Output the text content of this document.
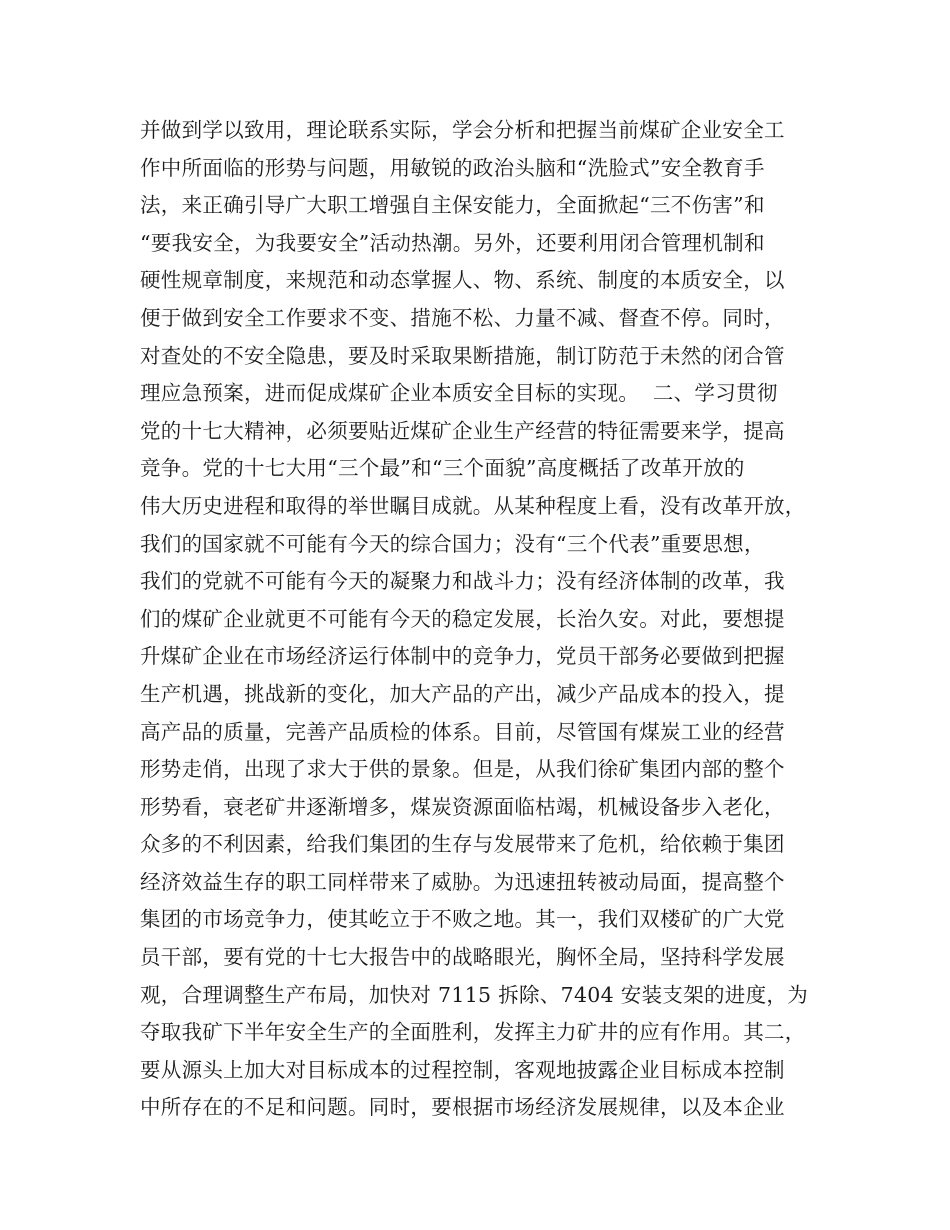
并做到学以致用，理论联系实际，学会分析和把握当前煤矿企业安全工
作中所面临的形势与问题，用敏锐的政治头脑和“洗脸式”安全教育手
法，来正确引导广大职工增强自主保安能力，全面掀起“三不伤害”和
“要我安全，为我要安全”活动热潮。另外，还要利用闭合管理机制和
硬性规章制度，来规范和动态掌握人、物、系统、制度的本质安全，以
便于做到安全工作要求不变、措施不松、力量不减、督查不停。同时，
对查处的不安全隐患，要及时采取果断措施，制订防范于未然的闭合管
理应急预案，进而促成煤矿企业本质安全目标的实现。  二、学习贯彻
党的十七大精神，必须要贴近煤矿企业生产经营的特征需要来学，提高
竞争。党的十七大用“三个最”和“三个面貌”高度概括了改革开放的
伟大历史进程和取得的举世瞩目成就。从某种程度上看，没有改革开放，
我们的国家就不可能有今天的综合国力；没有“三个代表”重要思想，
我们的党就不可能有今天的凝聚力和战斗力；没有经济体制的改革，我
们的煤矿企业就更不可能有今天的稳定发展，长治久安。对此，要想提
升煤矿企业在市场经济运行体制中的竞争力，党员干部务必要做到把握
生产机遇，挑战新的变化，加大产品的产出，减少产品成本的投入，提
高产品的质量，完善产品质检的体系。目前，尽管国有煤炭工业的经营
形势走俏，出现了求大于供的景象。但是，从我们徐矿集团内部的整个
形势看，衰老矿井逐渐增多，煤炭资源面临枯竭，机械设备步入老化，
众多的不利因素，给我们集团的生存与发展带来了危机，给依赖于集团
经济效益生存的职工同样带来了威胁。为迅速扭转被动局面，提高整个
集团的市场竞争力，使其屹立于不败之地。其一，我们双楼矿的广大党
员干部，要有党的十七大报告中的战略眼光，胸怀全局，坚持科学发展
观，合理调整生产布局，加快对 7115 拆除、7404 安装支架的进度，为
夺取我矿下半年安全生产的全面胜利，发挥主力矿井的应有作用。其二，
要从源头上加大对目标成本的过程控制，客观地披露企业目标成本控制
中所存在的不足和问题。同时，要根据市场经济发展规律，以及本企业
